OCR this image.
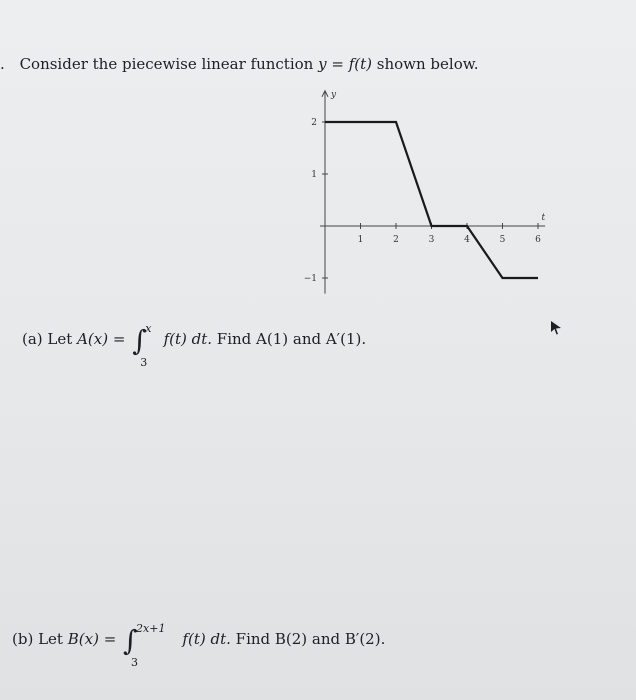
. Consider the piecewise linear function y = f(t) shown below.
1	2	3	4	5	6
2
1
−1
y
t
(a) Let A(x) = ∫
x
3
f(t) dt. Find A(1) and A′(1).
(b) Let B(x) = ∫
2x+1
3
f(t) dt. Find B(2) and B′(2).
